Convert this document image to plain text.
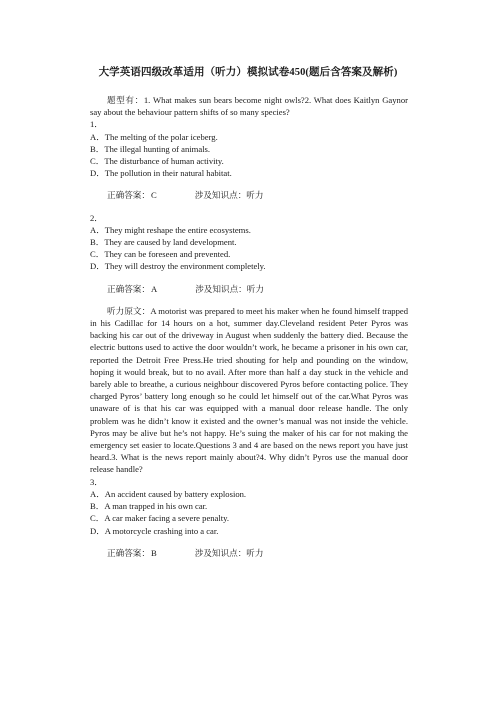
大学英语四级改革适用（听力）模拟试卷450(题后含答案及解析)
题型有：1. What makes sun bears become night owls?2. What does Kaitlyn Gaynor say about the behaviour pattern shifts of so many species?
1．
A．The melting of the polar iceberg.
B．The illegal hunting of animals.
C．The disturbance of human activity.
D．The pollution in their natural habitat.
正确答案：C	涉及知识点：听力
2．
A．They might reshape the entire ecosystems.
B．They are caused by land development.
C．They can be foreseen and prevented.
D．They will destroy the environment completely.
正确答案：A	涉及知识点：听力
听力原文：A motorist was prepared to meet his maker when he found himself trapped in his Cadillac for 14 hours on a hot, summer day.Cleveland resident Peter Pyros was backing his car out of the driveway in August when suddenly the battery died. Because the electric buttons used to active the door wouldn’t work, he became a prisoner in his own car, reported the Detroit Free Press.He tried shouting for help and pounding on the window, hoping it would break, but to no avail. After more than half a day stuck in the vehicle and barely able to breathe, a curious neighbour discovered Pyros before contacting police. They charged Pyros’ battery long enough so he could let himself out of the car.What Pyros was unaware of is that his car was equipped with a manual door release handle. The only problem was he didn’t know it existed and the owner’s manual was not inside the vehicle. Pyros may be alive but he’s not happy. He’s suing the maker of his car for not making the emergency set easier to locate.Questions 3 and 4 are based on the news report you have just heard.3. What is the news report mainly about?4. Why didn’t Pyros use the manual door release handle?
3．
A．An accident caused by battery explosion.
B．A man trapped in his own car.
C．A car maker facing a severe penalty.
D．A motorcycle crashing into a car.
正确答案：B	涉及知识点：听力
